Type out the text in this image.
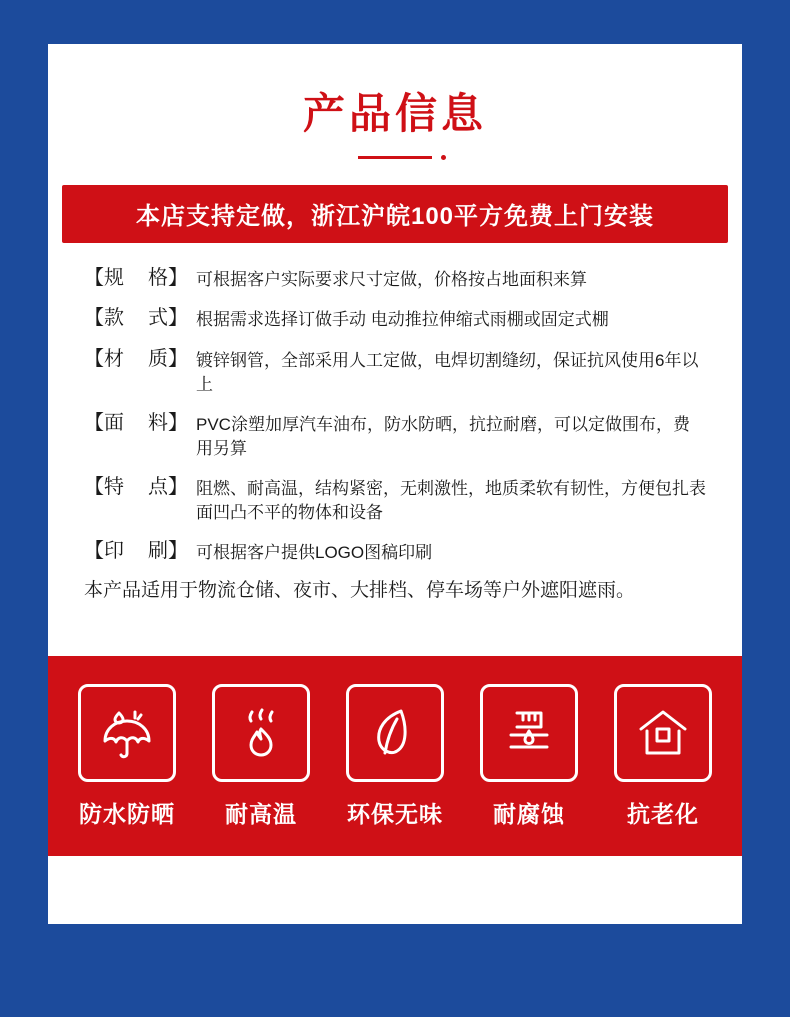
产品信息
本店支持定做，浙江沪皖100平方免费上门安装
【规 格】 可根据客户实际要求尺寸定做，价格按占地面积来算
【款 式】 根据需求选择订做手动 电动推拉伸缩式雨棚或固定式棚
【材 质】 镀锌钢管，全部采用人工定做，电焊切割缝纫，保证抗风使用6年以上
【面 料】 PVC涂塑加厚汽车油布，防水防晒，抗拉耐磨，可以定做围布，费用另算
【特 点】 阻燃、耐高温，结构紧密，无刺激性，地质柔软有韧性，方便包扎表面凹凸不平的物体和设备
【印 刷】 可根据客户提供LOGO图稿印刷
本产品适用于物流仓储、夜市、大排档、停车场等户外遮阳遮雨。
防水防晒 耐高温 环保无味 耐腐蚀	抗老化
